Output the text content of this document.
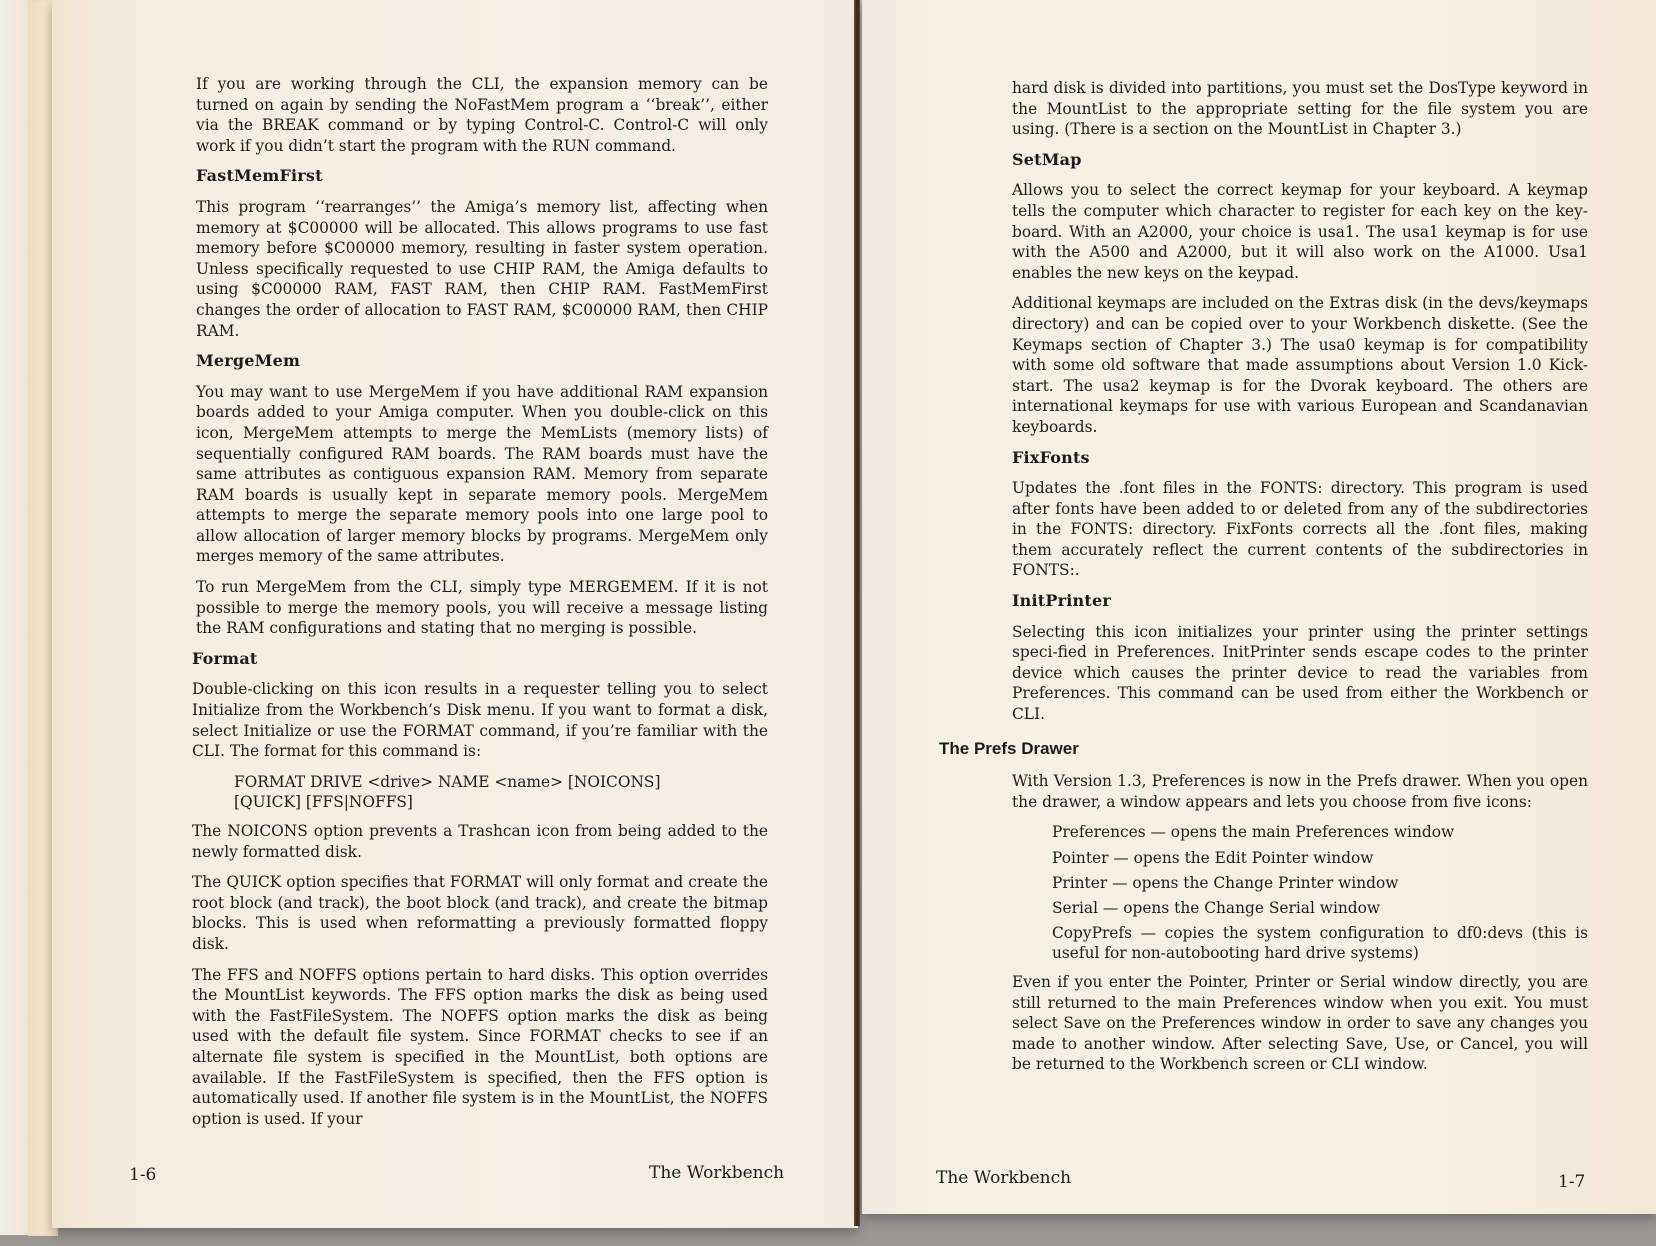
If you are working through the CLI, the expansion memory can be turned on again by sending the NoFastMem program a ‘‘break’’, either via the BREAK command or by typing Control-C. Control-C will only work if you didn’t start the program with the RUN command.

FastMemFirst

This program ‘‘rearranges’’ the Amiga’s memory list, affecting when memory at $C00000 will be allocated. This allows programs to use fast memory before $C00000 memory, resulting in faster system operation. Unless specifically requested to use CHIP RAM, the Amiga defaults to using $C00000 RAM, FAST RAM, then CHIP RAM. FastMemFirst changes the order of allocation to FAST RAM, $C00000 RAM, then CHIP RAM.

MergeMem

You may want to use MergeMem if you have additional RAM expansion boards added to your Amiga computer. When you double-click on this icon, MergeMem attempts to merge the MemLists (memory lists) of sequentially configured RAM boards. The RAM boards must have the same attributes as contiguous expansion RAM. Memory from separate RAM boards is usually kept in separate memory pools. MergeMem attempts to merge the separate memory pools into one large pool to allow allocation of larger memory blocks by programs. MergeMem only merges memory of the same attributes.

To run MergeMem from the CLI, simply type MERGEMEM. If it is not possible to merge the memory pools, you will receive a message listing the RAM configurations and stating that no merging is possible.

Format

Double-clicking on this icon results in a requester telling you to select Initialize from the Workbench’s Disk menu. If you want to format a disk, select Initialize or use the FORMAT command, if you’re familiar with the CLI. The format for this command is:

FORMAT DRIVE <drive> NAME <name> [NOICONS]
[QUICK] [FFS|NOFFS]

The NOICONS option prevents a Trashcan icon from being added to the newly formatted disk.

The QUICK option specifies that FORMAT will only format and create the root block (and track), the boot block (and track), and create the bitmap blocks. This is used when reformatting a previously formatted floppy disk.

The FFS and NOFFS options pertain to hard disks. This option overrides the MountList keywords. The FFS option marks the disk as being used with the FastFileSystem. The NOFFS option marks the disk as being used with the default file system. Since FORMAT checks to see if an alternate file system is specified in the MountList, both options are available. If the FastFileSystem is specified, then the FFS option is automatically used. If another file system is in the MountList, the NOFFS option is used. If your

1-6	The Workbench

hard disk is divided into partitions, you must set the DosType keyword in the MountList to the appropriate setting for the file system you are using. (There is a section on the MountList in Chapter 3.)

SetMap

Allows you to select the correct keymap for your keyboard. A keymap tells the computer which character to register for each key on the key-board. With an A2000, your choice is usa1. The usa1 keymap is for use with the A500 and A2000, but it will also work on the A1000. Usa1 enables the new keys on the keypad.

Additional keymaps are included on the Extras disk (in the devs/keymaps directory) and can be copied over to your Workbench diskette. (See the Keymaps section of Chapter 3.) The usa0 keymap is for compatibility with some old software that made assumptions about Version 1.0 Kick-start. The usa2 keymap is for the Dvorak keyboard. The others are international keymaps for use with various European and Scandanavian keyboards.

FixFonts

Updates the .font files in the FONTS: directory. This program is used after fonts have been added to or deleted from any of the subdirectories in the FONTS: directory. FixFonts corrects all the .font files, making them accurately reflect the current contents of the subdirectories in FONTS:.

InitPrinter

Selecting this icon initializes your printer using the printer settings speci-fied in Preferences. InitPrinter sends escape codes to the printer device which causes the printer device to read the variables from Preferences. This command can be used from either the Workbench or CLI.

The Prefs Drawer

With Version 1.3, Preferences is now in the Prefs drawer. When you open the drawer, a window appears and lets you choose from five icons:

Preferences — opens the main Preferences window
Pointer — opens the Edit Pointer window
Printer — opens the Change Printer window
Serial — opens the Change Serial window
CopyPrefs — copies the system configuration to df0:devs (this is useful for non-autobooting hard drive systems)

Even if you enter the Pointer, Printer or Serial window directly, you are still returned to the main Preferences window when you exit. You must select Save on the Preferences window in order to save any changes you made to another window. After selecting Save, Use, or Cancel, you will be returned to the Workbench screen or CLI window.

The Workbench	1-7
